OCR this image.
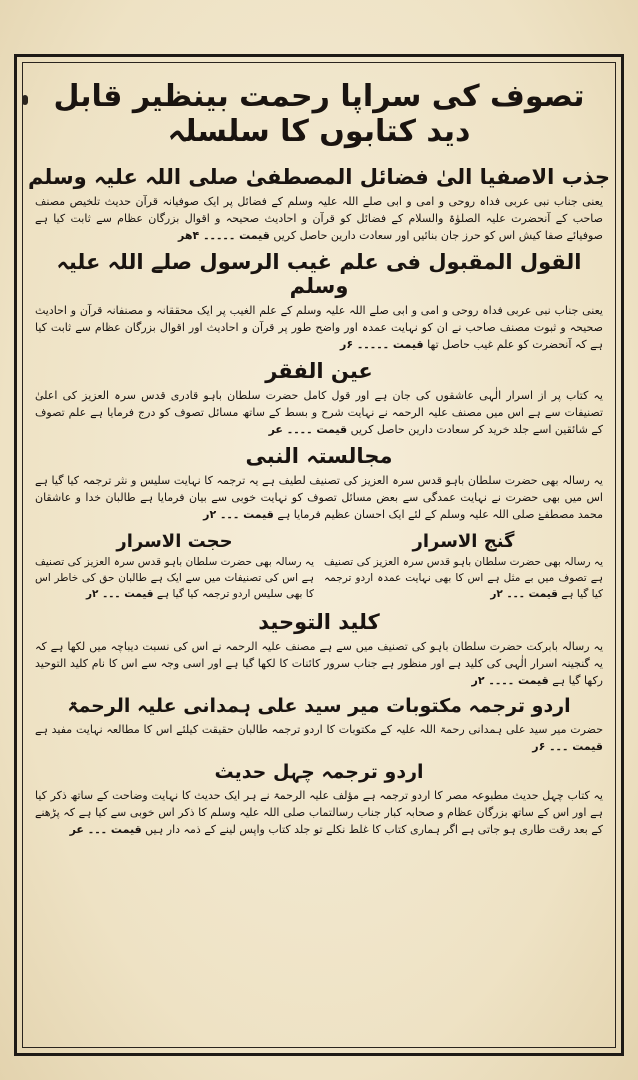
تصوف کی سراپا رحمت بینظیر قابل دید کتابوں کا سلسلہ
جذب الاصفیا الیٰ فضائل المصطفیٰ صلی اللہ علیہ وسلم
یعنی جناب نبی عربی فداہ روحی و امی و ابی صلے اللہ علیہ وسلم کے فضائل پر ایک صوفیانہ قرآن حدیث تلخیص مصنف صاحب کے آنحضرت علیہ الصلوٰۃ والسلام کے فضائل کو قرآن و احادیث صحیحہ و اقوال بزرگان عظام سے ثابت کیا ہے صوفیائے صفا کیش اس کو حرز جان بنائیں اور سعادت دارین حاصل کریں قیمت ۔۔۔۔۔ ۴ھر
القول المقبول فی علم غیب الرسول صلے اللہ علیہ وسلم
یعنی جناب نبی عربی فداہ روحی و امی و ابی صلے اللہ علیہ وسلم کے علم الغیب پر ایک محققانہ و مصنفانہ قرآن و احادیث صحیحہ و ثبوت مصنف صاحب نے ان کو نہایت عمدہ اور واضح طور پر قرآن و احادیث اور اقوال بزرگان عظام سے ثابت کیا ہے کہ آنحضرت کو علم غیب حاصل تھا قیمت ۔۔۔۔۔ ۶ر
عین الفقر
یہ کتاب پر از اسرار الٰہی عاشقوں کی جان ہے اور قول کامل حضرت سلطان باہو قادری قدس سرہ العزیز کی اعلیٰ تصنیفات سے ہے اس میں مصنف علیہ الرحمہ نے نہایت شرح و بسط کے ساتھ مسائل تصوف کو درج فرمایا ہے علم تصوف کے شائقین اسے جلد خرید کر سعادت دارین حاصل کریں قیمت ۔۔۔۔ عر
مجالستہ النبی
یہ رسالہ بھی حضرت سلطان باہو قدس سرہ العزیز کی تصنیف لطیف ہے یہ ترجمہ کا نہایت سلیس و نثر ترجمہ کیا گیا ہے اس میں بھی حضرت نے نہایت عمدگی سے بعض مسائل تصوف کو نہایت خوبی سے بیان فرمایا ہے طالبان خدا و عاشقان محمد مصطفےٰ صلی اللہ علیہ وسلم کے لئے ایک احسان عظیم فرمایا ہے قیمت ۔۔۔ ۲ر
گنج الاسرار
یہ رسالہ بھی حضرت سلطان باہو قدس سرہ العزیز کی تصنیف ہے تصوف میں بے مثل ہے اس کا بھی نہایت عمدہ اردو ترجمہ کیا گیا ہے قیمت ۔۔۔ ۲ر
حجت الاسرار
یہ رسالہ بھی حضرت سلطان باہو قدس سرہ العزیز کی تصنیف ہے اس کی تصنیفات میں سے ایک ہے طالبان حق کی خاطر اس کا بھی سلیس اردو ترجمہ کیا گیا ہے قیمت ۔۔۔ ۲ر
کلید التوحید
یہ رسالہ بابرکت حضرت سلطان باہو کی تصنیف میں سے ہے مصنف علیہ الرحمہ نے اس کی نسبت دیباچہ میں لکھا ہے کہ یہ گنجینہ اسرار الٰہی کی کلید ہے اور منظور ہے جناب سرور کائنات کا لکھا گیا ہے اور اسی وجہ سے اس کا نام کلید التوحید رکھا گیا ہے قیمت ۔۔۔۔ ۲ر
اردو ترجمہ مکتوبات میر سید علی ہمدانی علیہ الرحمۃ
حضرت میر سید علی ہمدانی رحمۃ اللہ علیہ کے مکتوبات کا اردو ترجمہ طالبان حقیقت کیلئے اس کا مطالعہ نہایت مفید ہے قیمت ۔۔۔ ۶ر
اردو ترجمہ چہل حدیث
یہ کتاب چہل حدیث مطبوعہ مصر کا اردو ترجمہ ہے مؤلف علیہ الرحمۃ نے ہر ایک حدیث کا نہایت وضاحت کے ساتھ ذکر کیا ہے اور اس کے ساتھ بزرگان عظام و صحابہ کبار جناب رسالتماب صلی اللہ علیہ وسلم کا ذکر اس خوبی سے کیا ہے کہ پڑھنے کے بعد رقت طاری ہو جاتی ہے اگر ہماری کتاب کا غلط نکلے تو جلد کتاب واپس لینے کے ذمہ دار ہیں قیمت ۔۔۔ عر
